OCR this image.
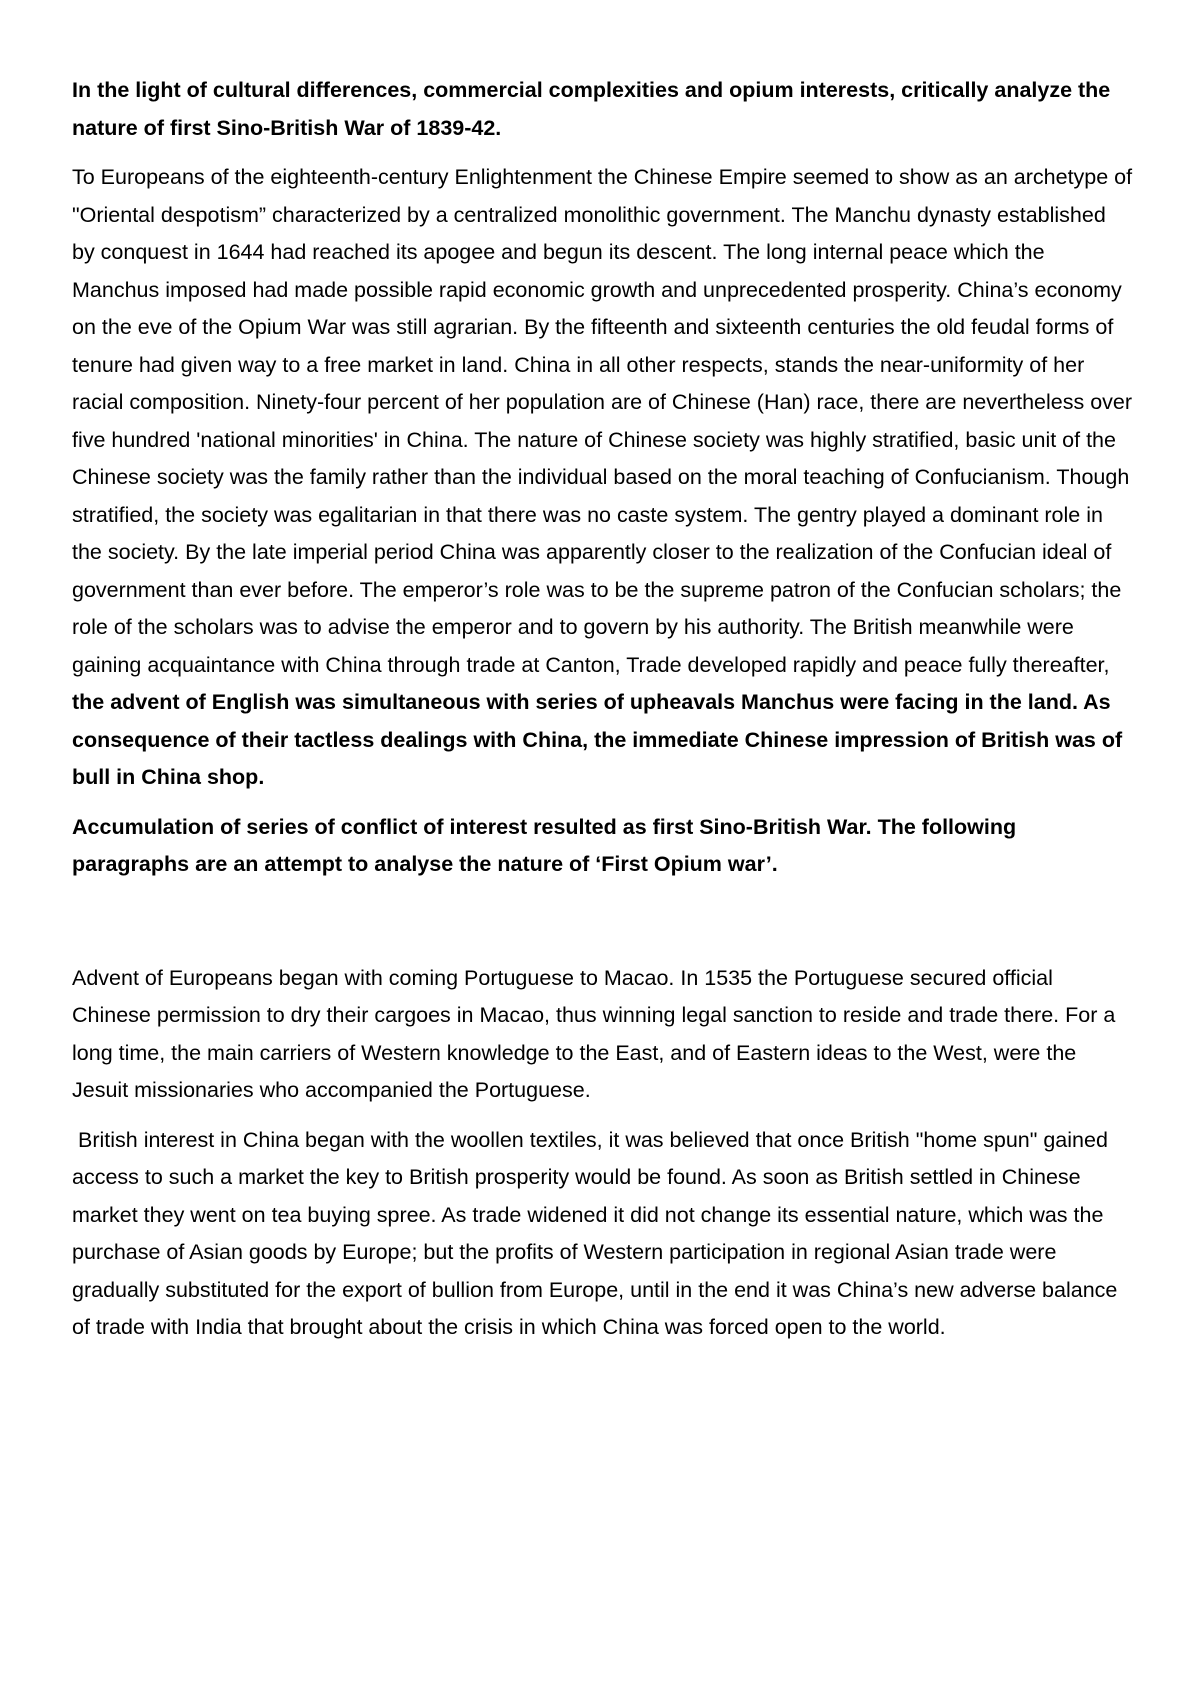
In the light of cultural differences, commercial complexities and opium interests, critically analyze the nature of first Sino-British War of 1839-42.

To Europeans of the eighteenth-century Enlightenment the Chinese Empire seemed to show as an archetype of "Oriental despotism” characterized by a centralized monolithic government. The Manchu dynasty established by conquest in 1644 had reached its apogee and begun its descent. The long internal peace which the Manchus imposed had made possible rapid economic growth and unprecedented prosperity. China’s economy on the eve of the Opium War was still agrarian. By the fifteenth and sixteenth centuries the old feudal forms of tenure had given way to a free market in land. China in all other respects, stands the near-uniformity of her racial composition. Ninety-four percent of her population are of Chinese (Han) race, there are nevertheless over five hundred 'national minorities' in China. The nature of Chinese society was highly stratified, basic unit of the Chinese society was the family rather than the individual based on the moral teaching of Confucianism. Though stratified, the society was egalitarian in that there was no caste system. The gentry played a dominant role in the society. By the late imperial period China was apparently closer to the realization of the Confucian ideal of government than ever before. The emperor’s role was to be the supreme patron of the Confucian scholars; the role of the scholars was to advise the emperor and to govern by his authority. The British meanwhile were gaining acquaintance with China through trade at Canton, Trade developed rapidly and peace fully thereafter, the advent of English was simultaneous with series of upheavals Manchus were facing in the land. As consequence of their tactless dealings with China, the immediate Chinese impression of British was of bull in China shop.

Accumulation of series of conflict of interest resulted as first Sino-British War. The following paragraphs are an attempt to analyse the nature of ‘First Opium war’.

Advent of Europeans began with coming Portuguese to Macao. In 1535 the Portuguese secured official Chinese permission to dry their cargoes in Macao, thus winning legal sanction to reside and trade there. For a long time, the main carriers of Western knowledge to the East, and of Eastern ideas to the West, were the Jesuit missionaries who accompanied the Portuguese.

British interest in China began with the woollen textiles, it was believed that once British "home spun" gained access to such a market the key to British prosperity would be found. As soon as British settled in Chinese market they went on tea buying spree. As trade widened it did not change its essential nature, which was the purchase of Asian goods by Europe; but the profits of Western participation in regional Asian trade were gradually substituted for the export of bullion from Europe, until in the end it was China’s new adverse balance of trade with India that brought about the crisis in which China was forced open to the world.
